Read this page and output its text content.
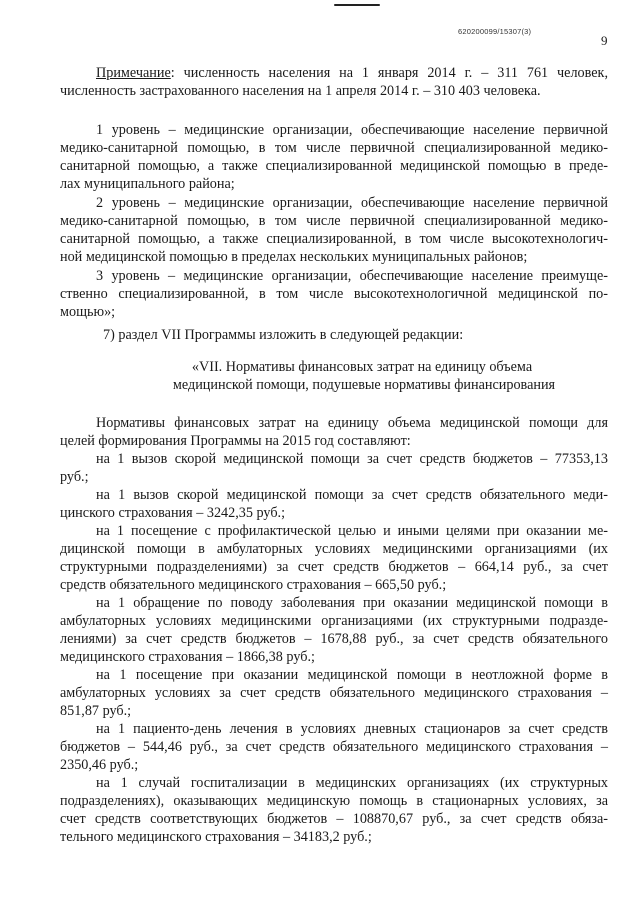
620200099/15307(3)
9

Примечание: численность населения на 1 января 2014 г. – 311 761 человек,

численность застрахованного населения на 1 апреля 2014 г. – 310 403 человека.

1 уровень – медицинские организации, обеспечивающие население первичной

медико-санитарной помощью, в том числе первичной специализированной медико-

санитарной помощью, а также специализированной медицинской помощью в преде-

лах муниципального района;

2 уровень – медицинские организации, обеспечивающие население первичной

медико-санитарной помощью, в том числе первичной специализированной медико-

санитарной помощью, а также специализированной, в том числе высокотехнологич-

ной медицинской помощью в пределах нескольких муниципальных районов;

3 уровень – медицинские организации, обеспечивающие население преимуще-

ственно специализированной, в том числе высокотехнологичной медицинской по-

мощью»;

7) раздел VII Программы изложить в следующей редакции:

«VII. Нормативы финансовых затрат на единицу объема

медицинской помощи, подушевые нормативы финансирования

Нормативы финансовых затрат на единицу объема медицинской помощи для

целей формирования Программы на 2015 год составляют:

на 1 вызов скорой медицинской помощи за счет средств бюджетов – 77353,13

руб.;

на 1 вызов скорой медицинской помощи за счет средств обязательного меди-

цинского страхования – 3242,35 руб.;

на 1 посещение с профилактической целью и иными целями при оказании ме-

дицинской помощи в амбулаторных условиях медицинскими организациями (их

структурными подразделениями) за счет средств бюджетов – 664,14 руб., за счет

средств обязательного медицинского страхования – 665,50 руб.;

на 1 обращение по поводу заболевания при оказании медицинской помощи в

амбулаторных условиях медицинскими организациями (их структурными подразде-

лениями) за счет средств бюджетов – 1678,88 руб., за счет средств обязательного

медицинского страхования – 1866,38 руб.;

на 1 посещение при оказании медицинской помощи в неотложной форме в

амбулаторных условиях за счет средств обязательного медицинского страхования –

851,87 руб.;

на 1 пациенто-день лечения в условиях дневных стационаров за счет средств

бюджетов – 544,46 руб., за счет средств обязательного медицинского страхования –

2350,46 руб.;

на 1 случай госпитализации в медицинских организациях (их структурных

подразделениях), оказывающих медицинскую помощь в стационарных условиях, за

счет средств соответствующих бюджетов – 108870,67 руб., за счет средств обяза-

тельного медицинского страхования – 34183,2 руб.;
